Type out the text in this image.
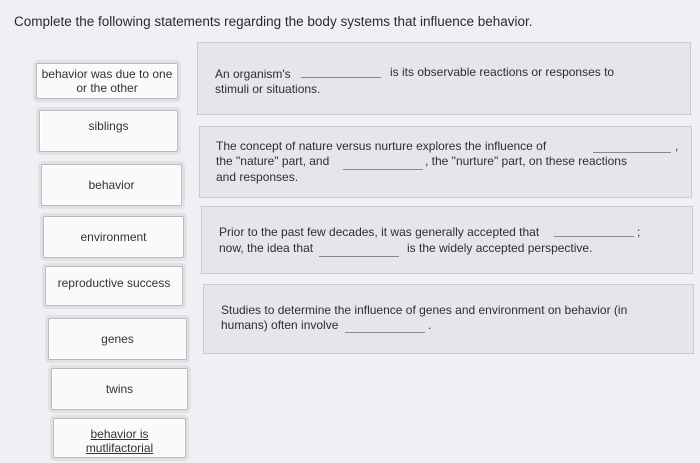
Complete the following statements regarding the body systems that influence behavior.
behavior was due to one or the other
siblings
behavior
environment
reproductive success
genes
twins
behavior is mutlifactorial
An organism's	is its observable reactions or responses to
stimuli or situations.
The concept of nature versus nurture explores the influence of	,
the "nature" part, and	, the "nurture" part, on these reactions
and responses.
Prior to the past few decades, it was generally accepted that	;
now, the idea that	is the widely accepted perspective.
Studies to determine the influence of genes and environment on behavior (in
humans) often involve	.
